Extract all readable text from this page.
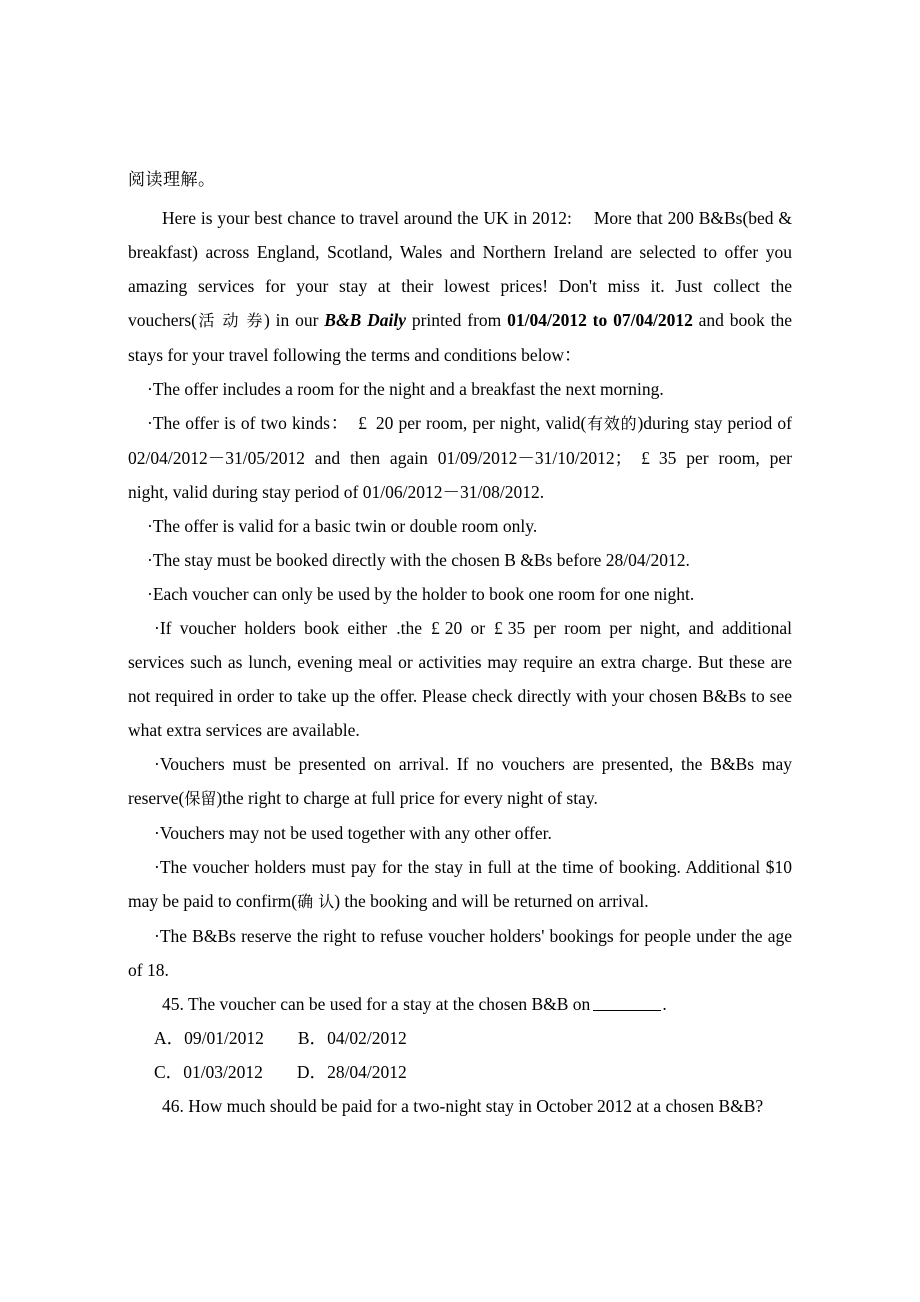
阅读理解。

Here is your best chance to travel around the UK in 2012: More that 200 B&Bs(bed & breakfast) across England, Scotland, Wales and Northern Ireland are selected to offer you amazing services for your stay at their lowest prices! Don't miss it. Just collect the vouchers(活 动 券) in our B&B Daily printed from 01/04/2012 to 07/04/2012 and book the stays for your travel following the terms and conditions below：

·The offer includes a room for the night and a breakfast the next morning.

·The offer is of two kinds： £ 20 per room, per night, valid(有效的)during stay period of 02/04/2012－31/05/2012 and then again 01/09/2012－31/10/2012； £ 35 per room, per night, valid during stay period of 01/06/2012－31/08/2012.

·The offer is valid for a basic twin or double room only.

·The stay must be booked directly with the chosen B &Bs before 28/04/2012.

·Each voucher can only be used by the holder to book one room for one night.

·If voucher holders book either .the £ 20 or £ 35 per room per night, and additional services such as lunch, evening meal or activities may require an extra charge. But these are not required in order to take up the offer. Please check directly with your chosen B&Bs to see what extra services are available.

·Vouchers must be presented on arrival. If no vouchers are presented, the B&Bs may reserve(保留)the right to charge at full price for every night of stay.

·Vouchers may not be used together with any other offer.

·The voucher holders must pay for the stay in full at the time of booking. Additional $10 may be paid to confirm(确 认) the booking and will be returned on arrival.

·The B&Bs reserve the right to refuse voucher holders' bookings for people under the age of 18.

45. The voucher can be used for a stay at the chosen B&B on	.

A．09/01/2012 B．04/02/2012

C．01/03/2012 D．28/04/2012

46. How much should be paid for a two-night stay in October 2012 at a chosen B&B?
